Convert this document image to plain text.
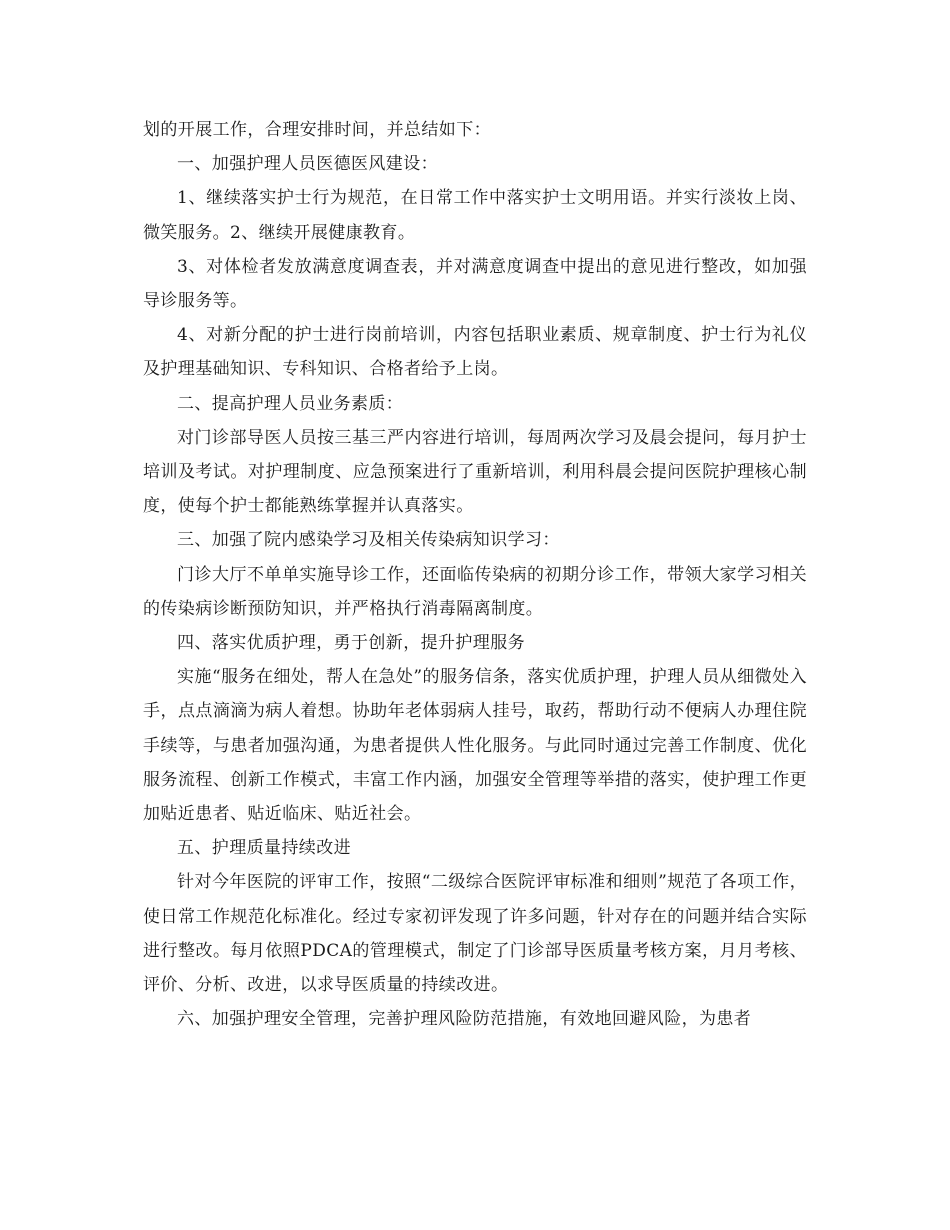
划的开展工作，合理安排时间，并总结如下：

一、加强护理人员医德医风建设：

1、继续落实护士行为规范，在日常工作中落实护士文明用语。并实行淡妆上岗、微笑服务。2、继续开展健康教育。

3、对体检者发放满意度调查表，并对满意度调查中提出的意见进行整改，如加强导诊服务等。

4、对新分配的护士进行岗前培训，内容包括职业素质、规章制度、护士行为礼仪及护理基础知识、专科知识、合格者给予上岗。

二、提高护理人员业务素质：

对门诊部导医人员按三基三严内容进行培训，每周两次学习及晨会提问，每月护士培训及考试。对护理制度、应急预案进行了重新培训，利用科晨会提问医院护理核心制度，使每个护士都能熟练掌握并认真落实。

三、加强了院内感染学习及相关传染病知识学习：

门诊大厅不单单实施导诊工作，还面临传染病的初期分诊工作，带领大家学习相关的传染病诊断预防知识，并严格执行消毒隔离制度。

四、落实优质护理，勇于创新，提升护理服务

实施“服务在细处，帮人在急处”的服务信条，落实优质护理，护理人员从细微处入手，点点滴滴为病人着想。协助年老体弱病人挂号，取药，帮助行动不便病人办理住院手续等，与患者加强沟通，为患者提供人性化服务。与此同时通过完善工作制度、优化服务流程、创新工作模式，丰富工作内涵，加强安全管理等举措的落实，使护理工作更加贴近患者、贴近临床、贴近社会。

五、护理质量持续改进

针对今年医院的评审工作，按照“二级综合医院评审标准和细则”规范了各项工作，使日常工作规范化标准化。经过专家初评发现了许多问题，针对存在的问题并结合实际进行整改。每月依照PDCA的管理模式，制定了门诊部导医质量考核方案，月月考核、评价、分析、改进，以求导医质量的持续改进。

六、加强护理安全管理，完善护理风险防范措施，有效地回避风险，为患者
